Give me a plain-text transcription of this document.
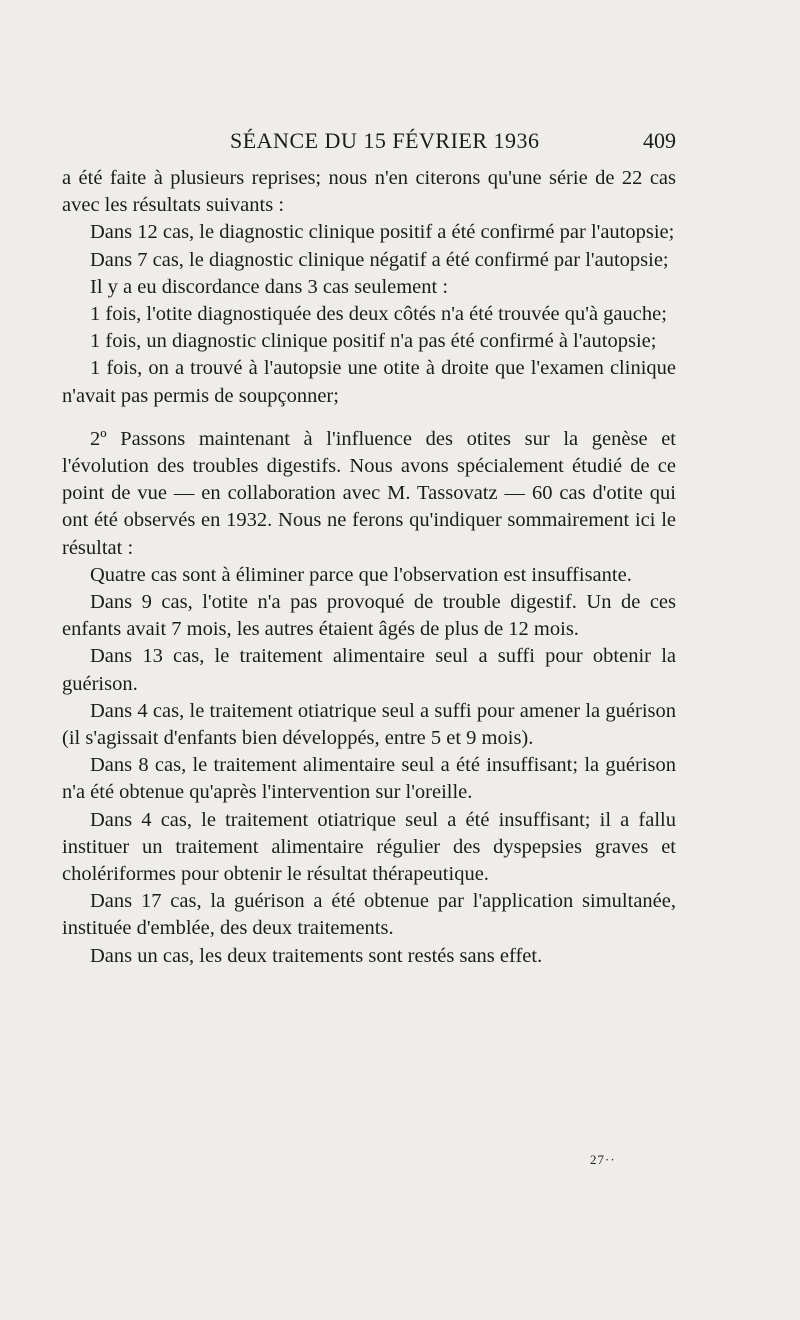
SÉANCE DU 15 FÉVRIER 1936	409

a été faite à plusieurs reprises; nous n'en citerons qu'une série de 22 cas avec les résultats suivants :

Dans 12 cas, le diagnostic clinique positif a été confirmé par l'autopsie;

Dans 7 cas, le diagnostic clinique négatif a été confirmé par l'autopsie;

Il y a eu discordance dans 3 cas seulement :

1 fois, l'otite diagnostiquée des deux côtés n'a été trouvée qu'à gauche;

1 fois, un diagnostic clinique positif n'a pas été confirmé à l'autopsie;

1 fois, on a trouvé à l'autopsie une otite à droite que l'examen clinique n'avait pas permis de soupçonner;

2º Passons maintenant à l'influence des otites sur la genèse et l'évolution des troubles digestifs. Nous avons spécialement étudié de ce point de vue — en collaboration avec M. Tassovatz — 60 cas d'otite qui ont été observés en 1932. Nous ne ferons qu'indiquer sommairement ici le résultat :

Quatre cas sont à éliminer parce que l'observation est insuffisante.

Dans 9 cas, l'otite n'a pas provoqué de trouble digestif. Un de ces enfants avait 7 mois, les autres étaient âgés de plus de 12 mois.

Dans 13 cas, le traitement alimentaire seul a suffi pour obtenir la guérison.

Dans 4 cas, le traitement otiatrique seul a suffi pour amener la guérison (il s'agissait d'enfants bien développés, entre 5 et 9 mois).

Dans 8 cas, le traitement alimentaire seul a été insuffisant; la guérison n'a été obtenue qu'après l'intervention sur l'oreille.

Dans 4 cas, le traitement otiatrique seul a été insuffisant; il a fallu instituer un traitement alimentaire régulier des dyspepsies graves et cholériformes pour obtenir le résultat thérapeutique.

Dans 17 cas, la guérison a été obtenue par l'application simultanée, instituée d'emblée, des deux traitements.

Dans un cas, les deux traitements sont restés sans effet.

27··
